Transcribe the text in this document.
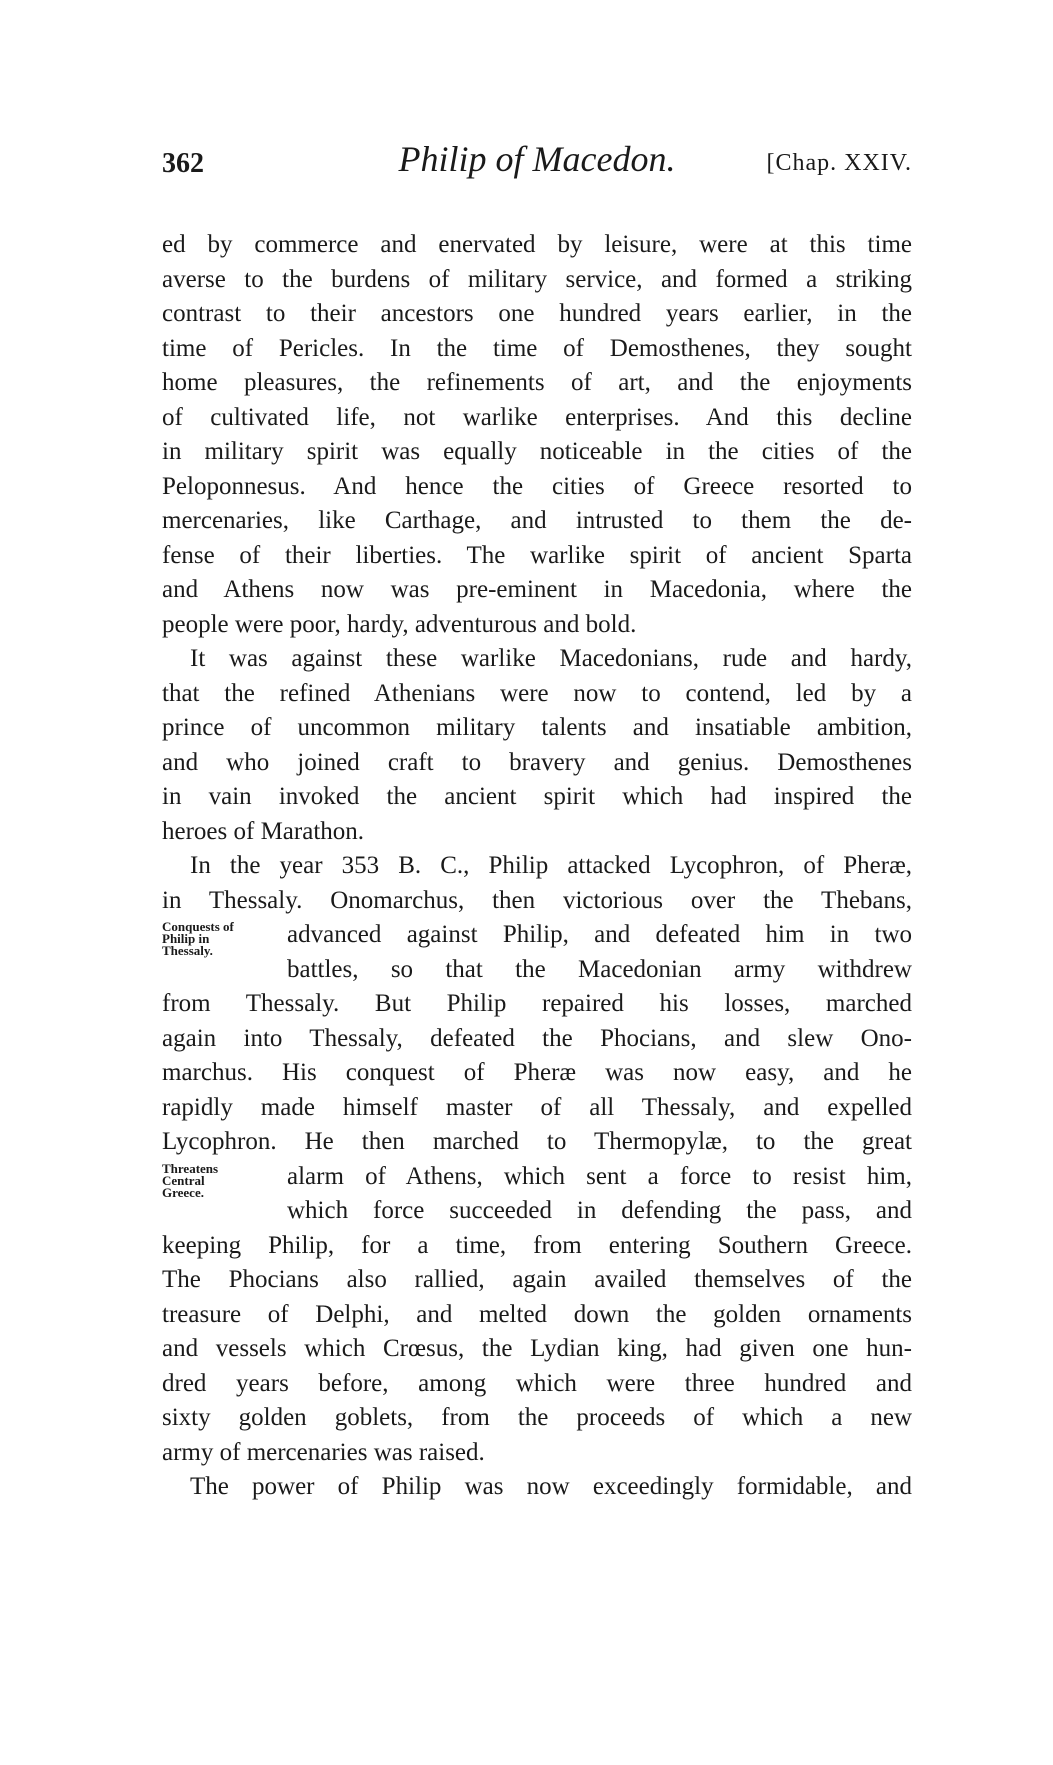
362	Philip of Macedon.	[Chap. XXIV.
ed by commerce and enervated by leisure, were at this time
averse to the burdens of military service, and formed a striking
contrast to their ancestors one hundred years earlier, in the
time of Pericles. In the time of Demosthenes, they sought
home pleasures, the refinements of art, and the enjoyments
of cultivated life, not warlike enterprises. And this decline
in military spirit was equally noticeable in the cities of the
Peloponnesus. And hence the cities of Greece resorted to
mercenaries, like Carthage, and intrusted to them the de-
fense of their liberties. The warlike spirit of ancient Sparta
and Athens now was pre-eminent in Macedonia, where the
people were poor, hardy, adventurous and bold.
It was against these warlike Macedonians, rude and hardy,
that the refined Athenians were now to contend, led by a
prince of uncommon military talents and insatiable ambition,
and who joined craft to bravery and genius. Demosthenes
in vain invoked the ancient spirit which had inspired the
heroes of Marathon.
In the year 353 B. C., Philip attacked Lycophron, of Pheræ,
in Thessaly. Onomarchus, then victorious over the Thebans,
Conquests of
Philip in
Thessaly.
advanced against Philip, and defeated him in two
battles, so that the Macedonian army withdrew
from Thessaly. But Philip repaired his losses, marched
again into Thessaly, defeated the Phocians, and slew Ono-
marchus. His conquest of Pheræ was now easy, and he
rapidly made himself master of all Thessaly, and expelled
Lycophron. He then marched to Thermopylæ, to the great
Threatens
Central
Greece.
alarm of Athens, which sent a force to resist him,
which force succeeded in defending the pass, and
keeping Philip, for a time, from entering Southern Greece.
The Phocians also rallied, again availed themselves of the
treasure of Delphi, and melted down the golden ornaments
and vessels which Crœsus, the Lydian king, had given one hun-
dred years before, among which were three hundred and
sixty golden goblets, from the proceeds of which a new
army of mercenaries was raised.
The power of Philip was now exceedingly formidable, and
